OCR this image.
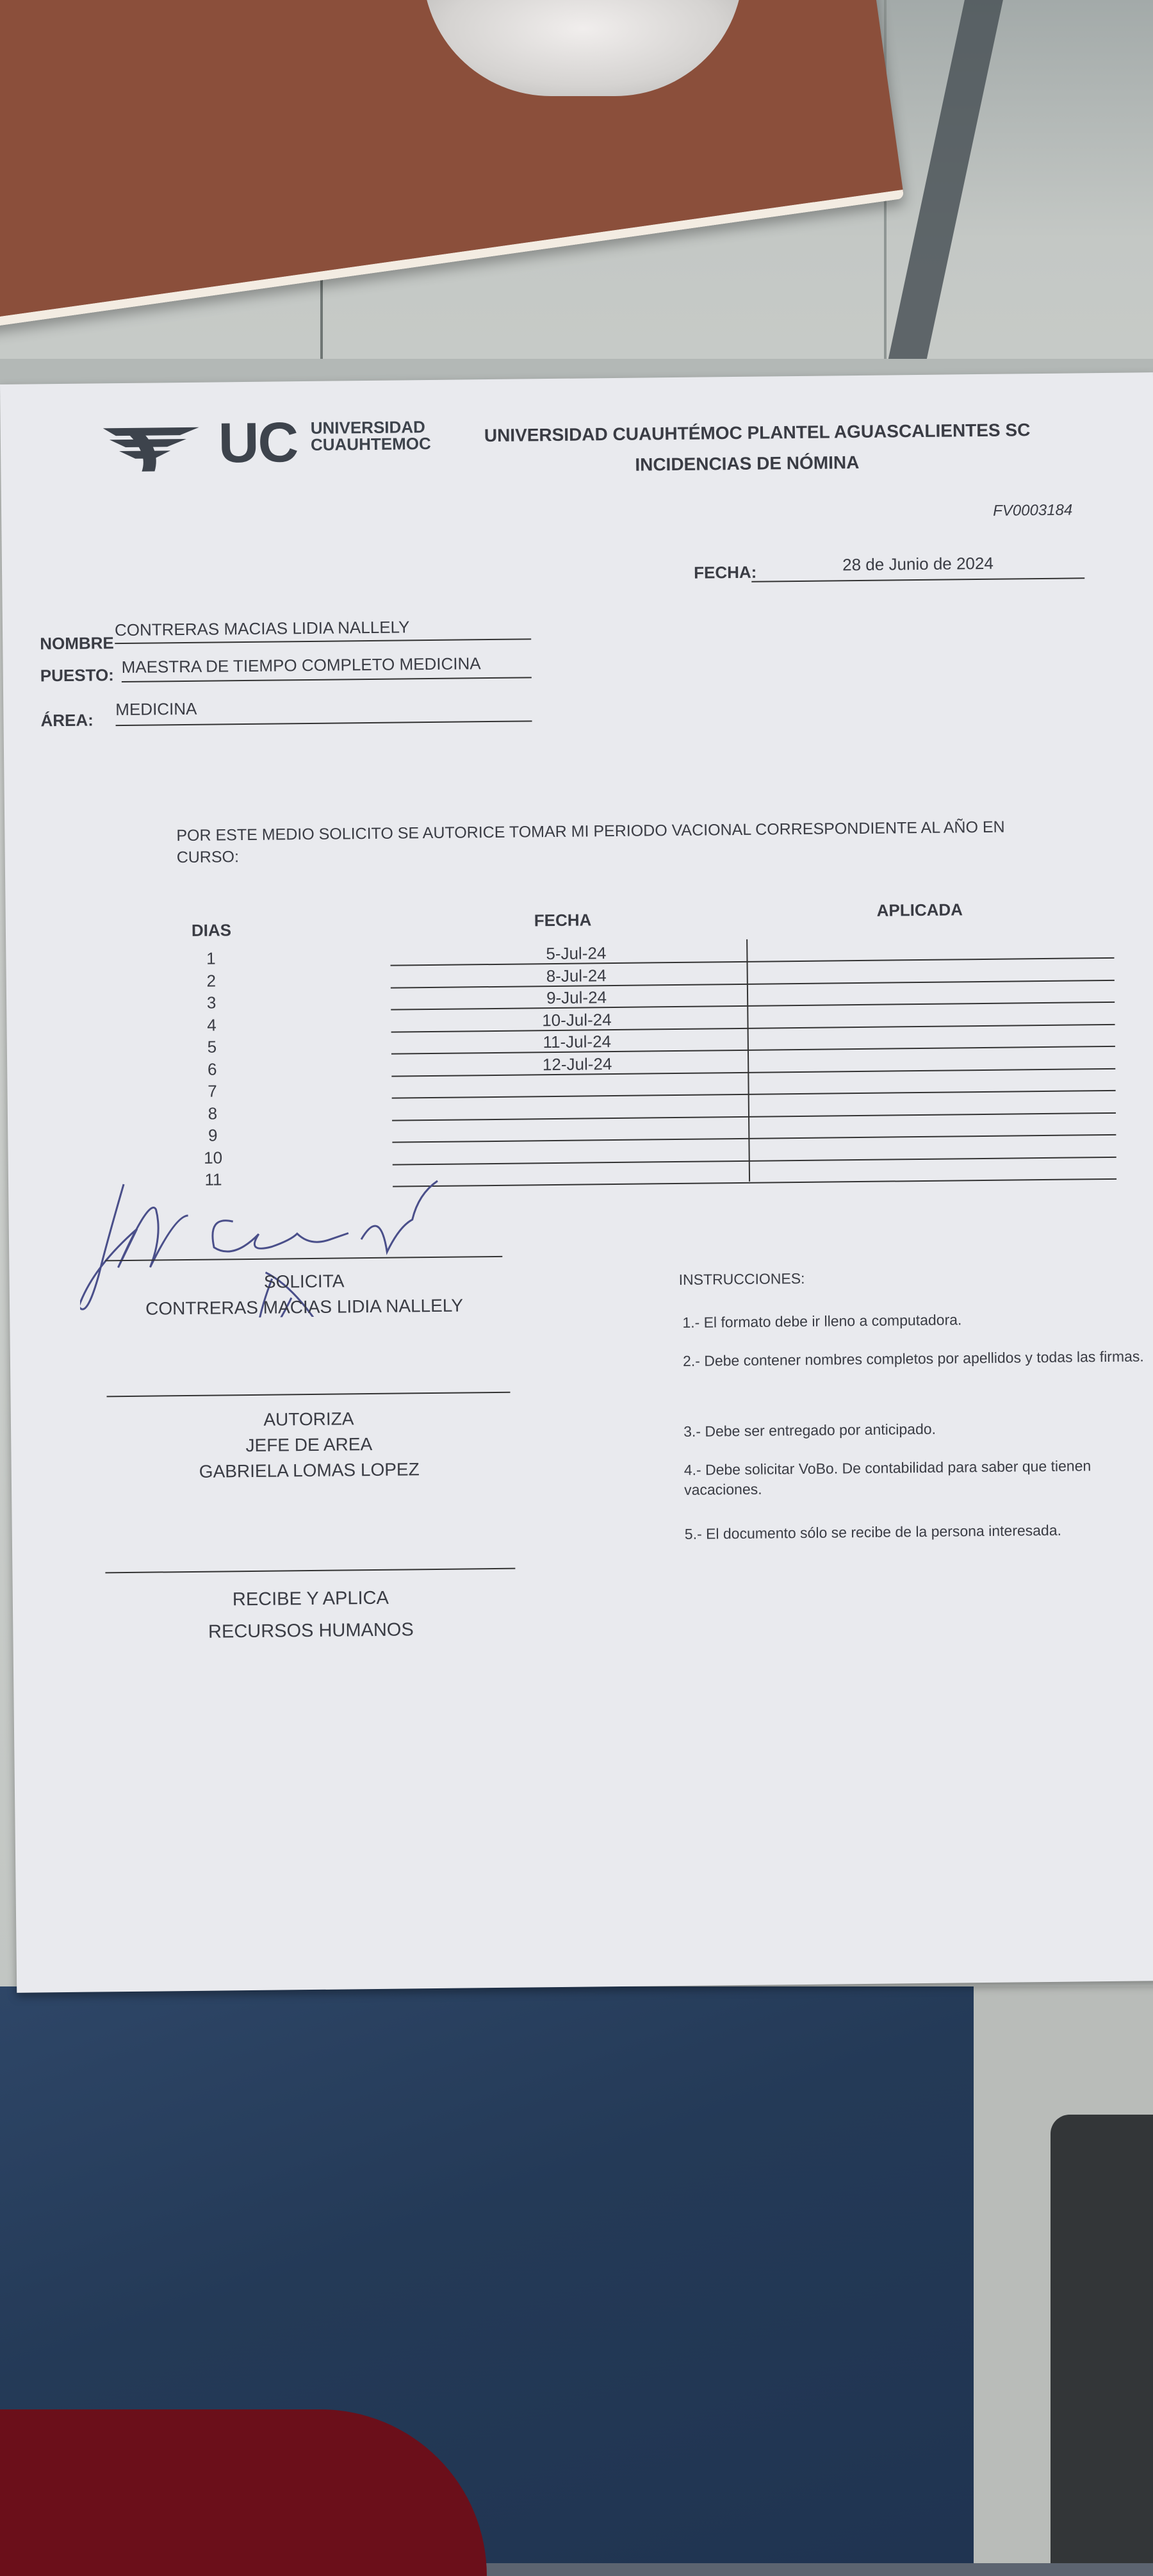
UC UNIVERSIDAD
CUAUHTEMOC	UNIVERSIDAD CUAUHTÉMOC PLANTEL AGUASCALIENTES SC
INCIDENCIAS DE NÓMINA
FV0003184
FECHA:	28 de Junio de 2024
NOMBRE
CONTRERAS MACIAS LIDIA NALLELY
PUESTO: MAESTRA DE TIEMPO COMPLETO MEDICINA
ÁREA:
MEDICINA
POR ESTE MEDIO SOLICITO SE AUTORICE TOMAR MI PERIODO VACIONAL CORRESPONDIENTE AL AÑO EN CURSO:
DIAS
FECHA
APLICADA
1	5-Jul-24
2	8-Jul-24
3	9-Jul-24
4	10-Jul-24
5	11-Jul-24
6	12-Jul-24
7
8
9
10
11
SOLICITA
CONTRERAS MACIAS LIDIA NALLELY
AUTORIZA
JEFE DE AREA
GABRIELA LOMAS LOPEZ
RECIBE Y APLICA
RECURSOS HUMANOS
INSTRUCCIONES:
1.- El formato debe ir lleno a computadora.
2.- Debe contener nombres completos por apellidos y todas las firmas.
3.- Debe ser entregado por anticipado.
4.- Debe solicitar VoBo. De contabilidad para saber que tienen vacaciones.
5.- El documento sólo se recibe de la persona interesada.
